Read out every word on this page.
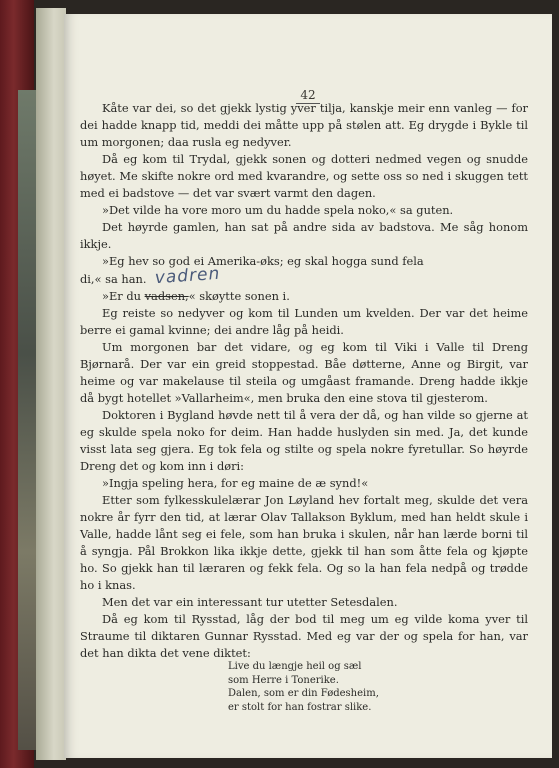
42

Kåte var dei, so det gjekk lystig yver tilja, kanskje meir enn vanleg — for dei hadde knapp tid, meddi dei måtte upp på stølen att. Eg drygde i Bykle til um morgonen; daa rusla eg nedyver.

Då eg kom til Trydal, gjekk sonen og dotteri nedmed vegen og snudde høyet. Me skifte nokre ord med kvarandre, og sette oss so ned i skuggen tett med ei badstove — det var svært varmt den dagen.

»Det vilde ha vore moro um du hadde spela noko,« sa guten.

Det høyrde gamlen, han sat på andre sida av badstova. Me såg honom ikkje.

»Eg hev so god ei Amerika-øks; eg skal hogga sund fela

di,« sa han. vadren

»Er du vadsen,« skøytte sonen i.

Eg reiste so nedyver og kom til Lunden um kvelden. Der var det heime berre ei gamal kvinne; dei andre låg på heidi.

Um morgonen bar det vidare, og eg kom til Viki i Valle til Dreng Bjørnarå. Der var ein greid stoppestad. Båe døtterne, Anne og Birgit, var heime og var makelause til steila og umgåast framande. Dreng hadde ikkje då bygt hotellet »Vallarheim«, men bruka den eine stova til gjesterom.

Doktoren i Bygland høvde nett til å vera der då, og han vilde so gjerne at eg skulde spela noko for deim. Han hadde huslyden sin med. Ja, det kunde visst lata seg gjera. Eg tok fela og stilte og spela nokre fyretullar. So høyrde Dreng det og kom inn i døri:

»Ingja speling hera, for eg maine de æ synd!«

Etter som fylkesskulelærar Jon Løyland hev fortalt meg, skulde det vera nokre år fyrr den tid, at lærar Olav Tallakson Byklum, med han heldt skule i Valle, hadde lånt seg ei fele, som han bruka i skulen, når han lærde borni til å syngja. Pål Brokkon lika ikkje dette, gjekk til han som åtte fela og kjøpte ho. So gjekk han til læraren og fekk fela. Og so la han fela nedpå og trødde ho i knas.

Men det var ein interessant tur utetter Setesdalen.

Då eg kom til Rysstad, låg der bod til meg um eg vilde koma yver til Straume til diktaren Gunnar Rysstad. Med eg var der og spela for han, var det han dikta det vene diktet:

Live du længje heil og sæl
som Herre i Tonerike.
Dalen, som er din Fødesheim,
er stolt for han fostrar slike.
